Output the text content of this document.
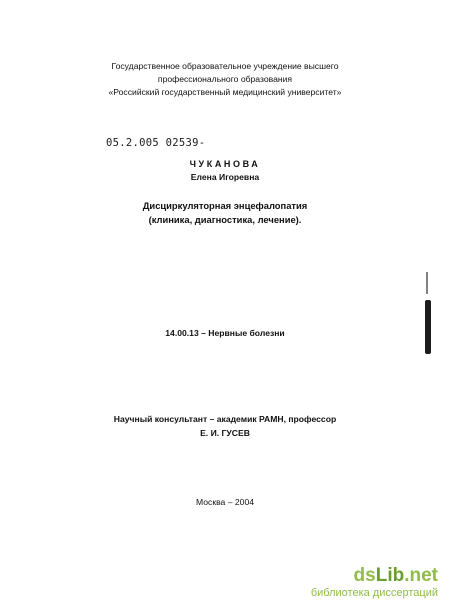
Государственное образовательное учреждение высшего
профессионального образования
«Российский государственный медицинский университет»
05.2.005 02539-
ЧУКАНОВА
Елена Игоревна
Дисциркуляторная энцефалопатия
(клиника, диагностика, лечение).
14.00.13 – Нервные болезни
Научный консультант – академик РАМН, профессор
Е. И. ГУСЕВ
Москва – 2004
ds Lib .net
библиотека диссертаций
